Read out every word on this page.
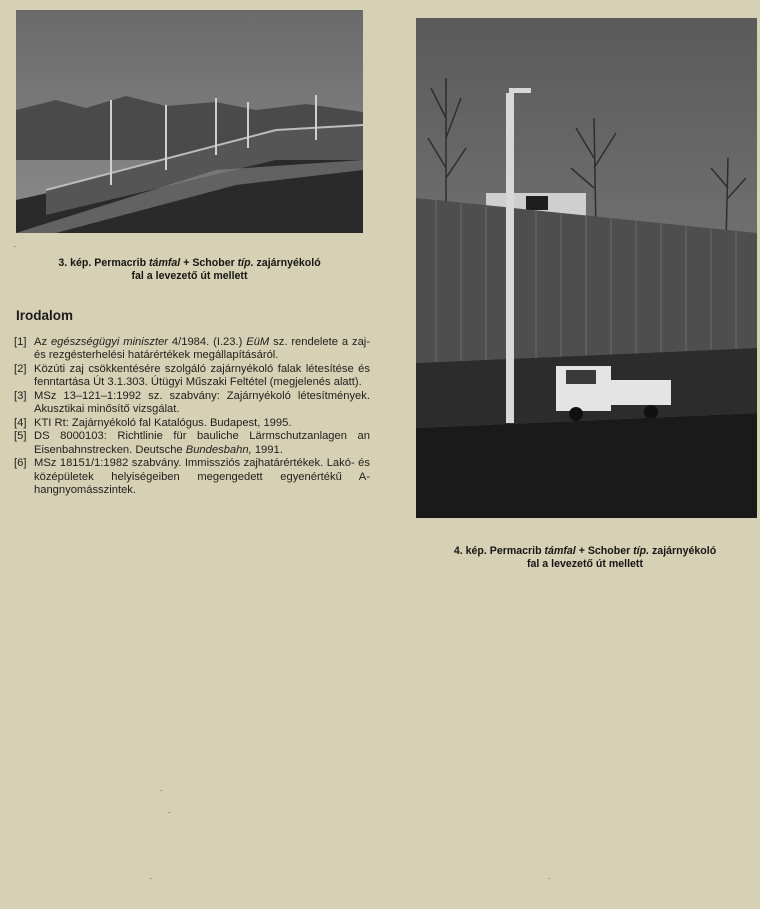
3. kép. Permacrib támfal + Schober típ. zajárnyékoló
fal a levezető út mellett
Irodalom
[1] Az egészségügyi miniszter 4/1984. (I.23.) EüM sz. rendelete a zaj- és rezgésterhelési határértékek megállapításáról.
[2] Közúti zaj csökkentésére szolgáló zajárnyékoló falak létesítése és fenntartása Út 3.1.303. Útügyi Műszaki Feltétel (megjelenés alatt).
[3] MSz 13–121–1:1992 sz. szabvány: Zajárnyékoló létesítmények. Akusztikai minősítő vizsgálat.
[4] KTI Rt: Zajárnyékoló fal Katalógus. Budapest, 1995.
[5] DS 8000103: Richtlinie für bauliche Lärmschutzanlagen an Eisenbahnstrecken. Deutsche Bundesbahn, 1991.
[6] MSz 18151/1:1982 szabvány. Immissziós zajhatárértékek. Lakó- és középületek helyiségeiben megengedett egyenértékű A-hangnyomásszintek.
4. kép. Permacrib támfal + Schober típ. zajárnyékoló
fal a levezető út mellett
